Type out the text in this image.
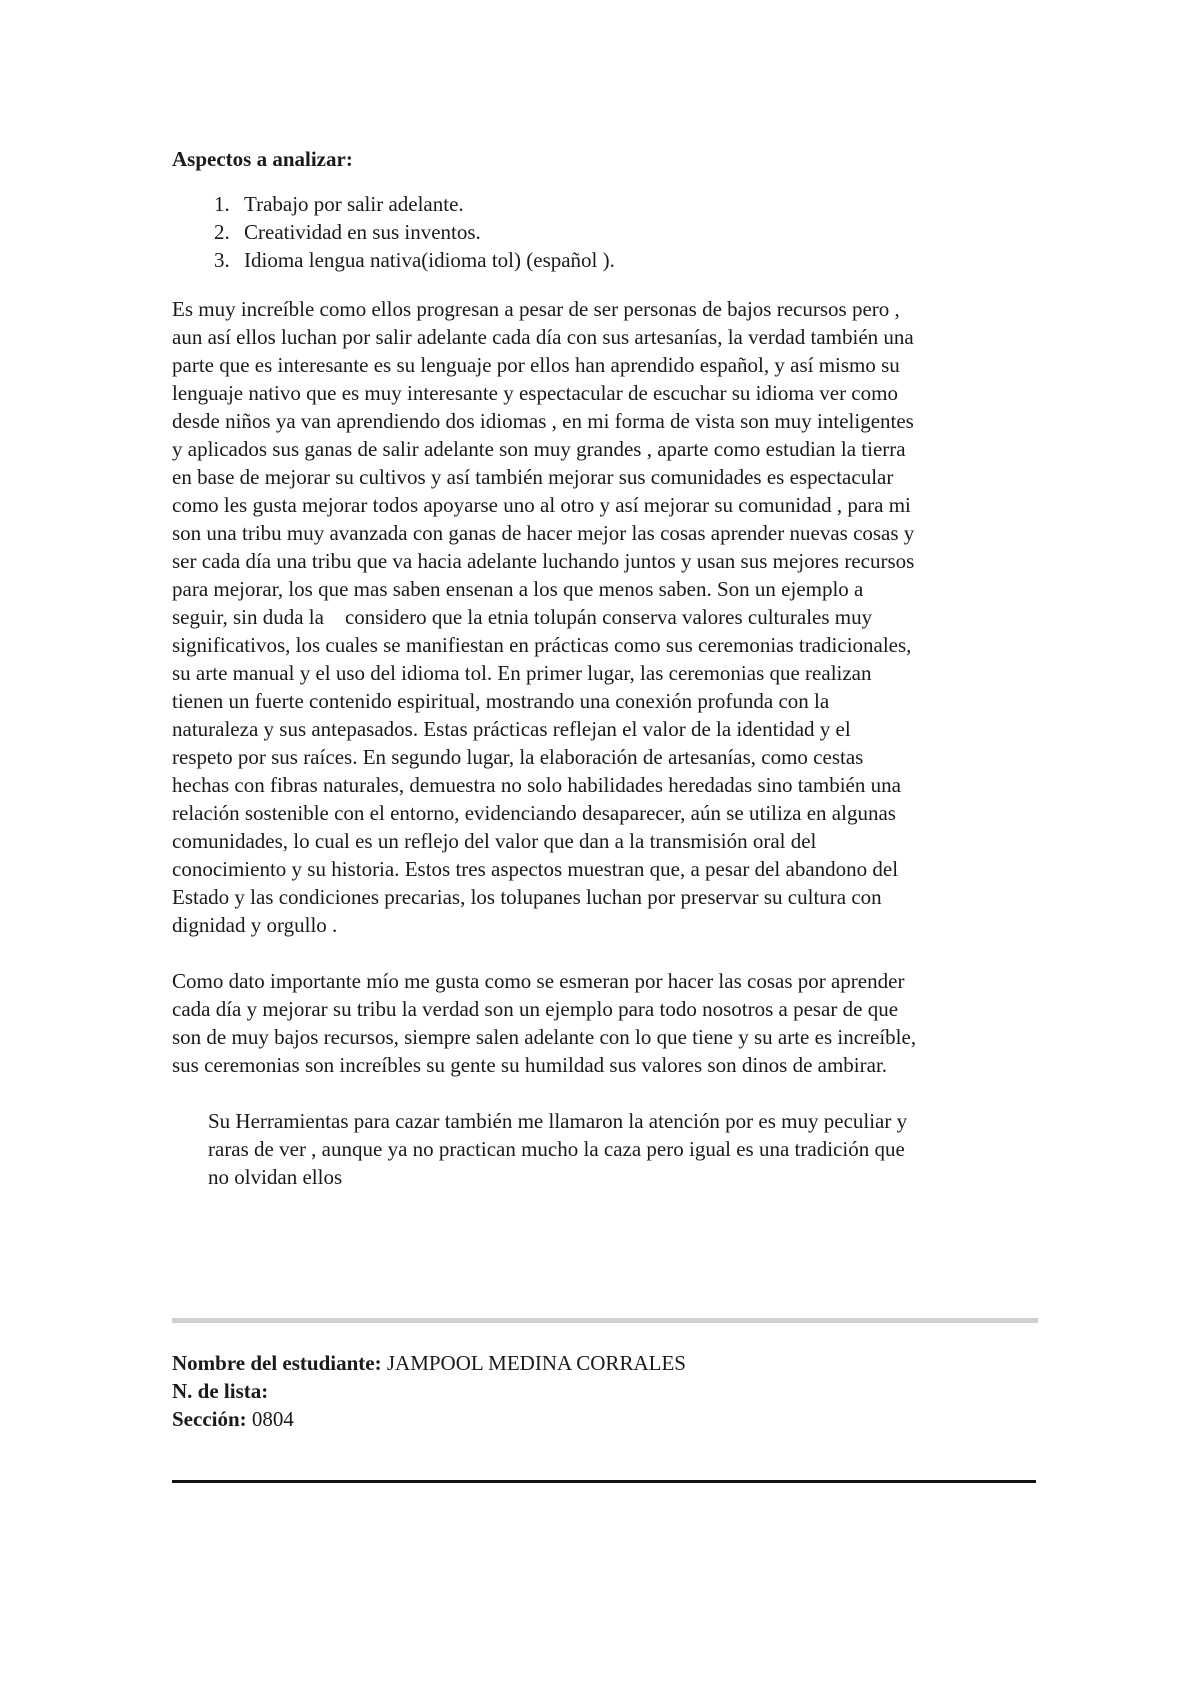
Aspectos a analizar:
1. Trabajo por salir adelante.
2. Creatividad en sus inventos.
3. Idioma lengua nativa(idioma tol) (español ).
Es muy increíble como ellos progresan a pesar de ser personas de bajos recursos pero ,
aun así ellos luchan por salir adelante cada día con sus artesanías, la verdad también una
parte que es interesante es su lenguaje por ellos han aprendido español, y así mismo su
lenguaje nativo que es muy interesante y espectacular de escuchar su idioma ver como
desde niños ya van aprendiendo dos idiomas , en mi forma de vista son muy inteligentes
y aplicados sus ganas de salir adelante son muy grandes , aparte como estudian la tierra
en base de mejorar su cultivos y así también mejorar sus comunidades es espectacular
como les gusta mejorar todos apoyarse uno al otro y así mejorar su comunidad , para mi
son una tribu muy avanzada con ganas de hacer mejor las cosas aprender nuevas cosas y
ser cada día una tribu que va hacia adelante luchando juntos y usan sus mejores recursos
para mejorar, los que mas saben ensenan a los que menos saben. Son un ejemplo a
seguir, sin duda la    considero que la etnia tolupán conserva valores culturales muy
significativos, los cuales se manifiestan en prácticas como sus ceremonias tradicionales,
su arte manual y el uso del idioma tol. En primer lugar, las ceremonias que realizan
tienen un fuerte contenido espiritual, mostrando una conexión profunda con la
naturaleza y sus antepasados. Estas prácticas reflejan el valor de la identidad y el
respeto por sus raíces. En segundo lugar, la elaboración de artesanías, como cestas
hechas con fibras naturales, demuestra no solo habilidades heredadas sino también una
relación sostenible con el entorno, evidenciando desaparecer, aún se utiliza en algunas
comunidades, lo cual es un reflejo del valor que dan a la transmisión oral del
conocimiento y su historia. Estos tres aspectos muestran que, a pesar del abandono del
Estado y las condiciones precarias, los tolupanes luchan por preservar su cultura con
dignidad y orgullo .
Como dato importante mío me gusta como se esmeran por hacer las cosas por aprender
cada día y mejorar su tribu la verdad son un ejemplo para todo nosotros a pesar de que
son de muy bajos recursos, siempre salen adelante con lo que tiene y su arte es increíble,
sus ceremonias son increíbles su gente su humildad sus valores son dinos de ambirar.
Su Herramientas para cazar también me llamaron la atención por es muy peculiar y
raras de ver , aunque ya no practican mucho la caza pero igual es una tradición que
no olvidan ellos
Nombre del estudiante: JAMPOOL MEDINA CORRALES
N. de lista:
Sección: 0804
